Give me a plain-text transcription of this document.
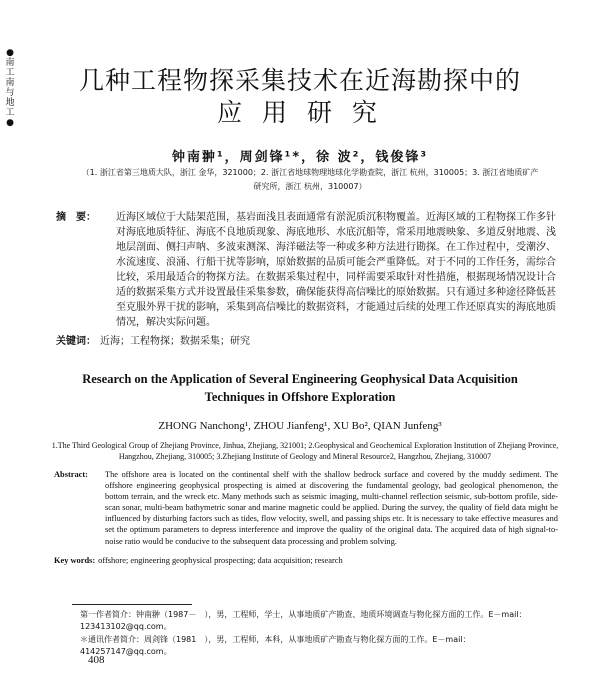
●
南
工
南
与
地
工
●
几种工程物探采集技术在近海勘探中的
应 用 研 究
钟南翀¹，周剑锋¹*，徐 波²，钱俊锋³
（1. 浙江省第三地质大队，浙江 金华，321000；2. 浙江省地球物理地球化学勘查院，浙江 杭州，310005；3. 浙江省地质矿产研究所，浙江 杭州，310007）
摘　要：	近海区域位于大陆架范围，基岩面浅且表面通常有淤泥质沉积物覆盖。近海区域的工程物探工作多针对海底地质特征、海底不良地质现象、海底地形、水底沉船等，常采用地震映象、多道反射地震、浅地层剖面、侧扫声呐、多波束测深、海洋磁法等一种或多种方法进行勘探。在工作过程中，受潮汐、水流速度、浪涌、行船干扰等影响，原始数据的品质可能会严重降低。对于不同的工作任务，需综合比较，采用最适合的物探方法。在数据采集过程中，同样需要采取针对性措施，根据现场情况设计合适的数据采集方式并设置最佳采集参数，确保能获得高信噪比的原始数据。只有通过多种途径降低甚至克服外界干扰的影响，采集到高信噪比的数据资料，才能通过后续的处理工作还原真实的海底地质情况，解决实际问题。
关键词： 近海；工程物探；数据采集；研究
Research on the Application of Several Engineering Geophysical Data Acquisition
Techniques in Offshore Exploration
ZHONG Nanchong¹, ZHOU Jianfeng¹, XU Bo², QIAN Junfeng³
1.The Third Geological Group of Zhejiang Province, Jinhua, Zhejiang, 321001; 2.Geophysical and Geochemical Exploration Institution of Zhejiang Province, Hangzhou, Zhejiang, 310005; 3.Zhejiang Institute of Geology and Mineral Resource2, Hangzhou, Zhejiang, 310007
Abstract: The offshore area is located on the continental shelf with the shallow bedrock surface and covered by the muddy sediment. The offshore engineering geophysical prospecting is aimed at discovering the fundamental geology, bad geological phenomenon, the bottom terrain, and the wreck etc. Many methods such as seismic imaging, multi-channel reflection seismic, sub-bottom profile, side-scan sonar, multi-beam bathymetric sonar and marine magnetic could be applied. During the survey, the quality of field data might be influenced by disturbing factors such as tides, flow velocity, swell, and passing ships etc. It is necessary to take effective measures and set the optimum parameters to depress interference and improve the quality of the original data. The acquired data of high signal-to-noise ratio would be conducive to the subsequent data processing and problem solving.
Key words: offshore; engineering geophysical prospecting; data acquisition; research
第一作者简介：钟南翀（1987－　），男，工程师，学士，从事地质矿产勘查、地质环境调查与物化探方面的工作。E－mail：123413102@qq.com。
＊通讯作者简介：周剑锋（1981　），男，工程师，本科，从事地质矿产勘查与物化探方面的工作。E－mail：414257147@qq.com。
408
